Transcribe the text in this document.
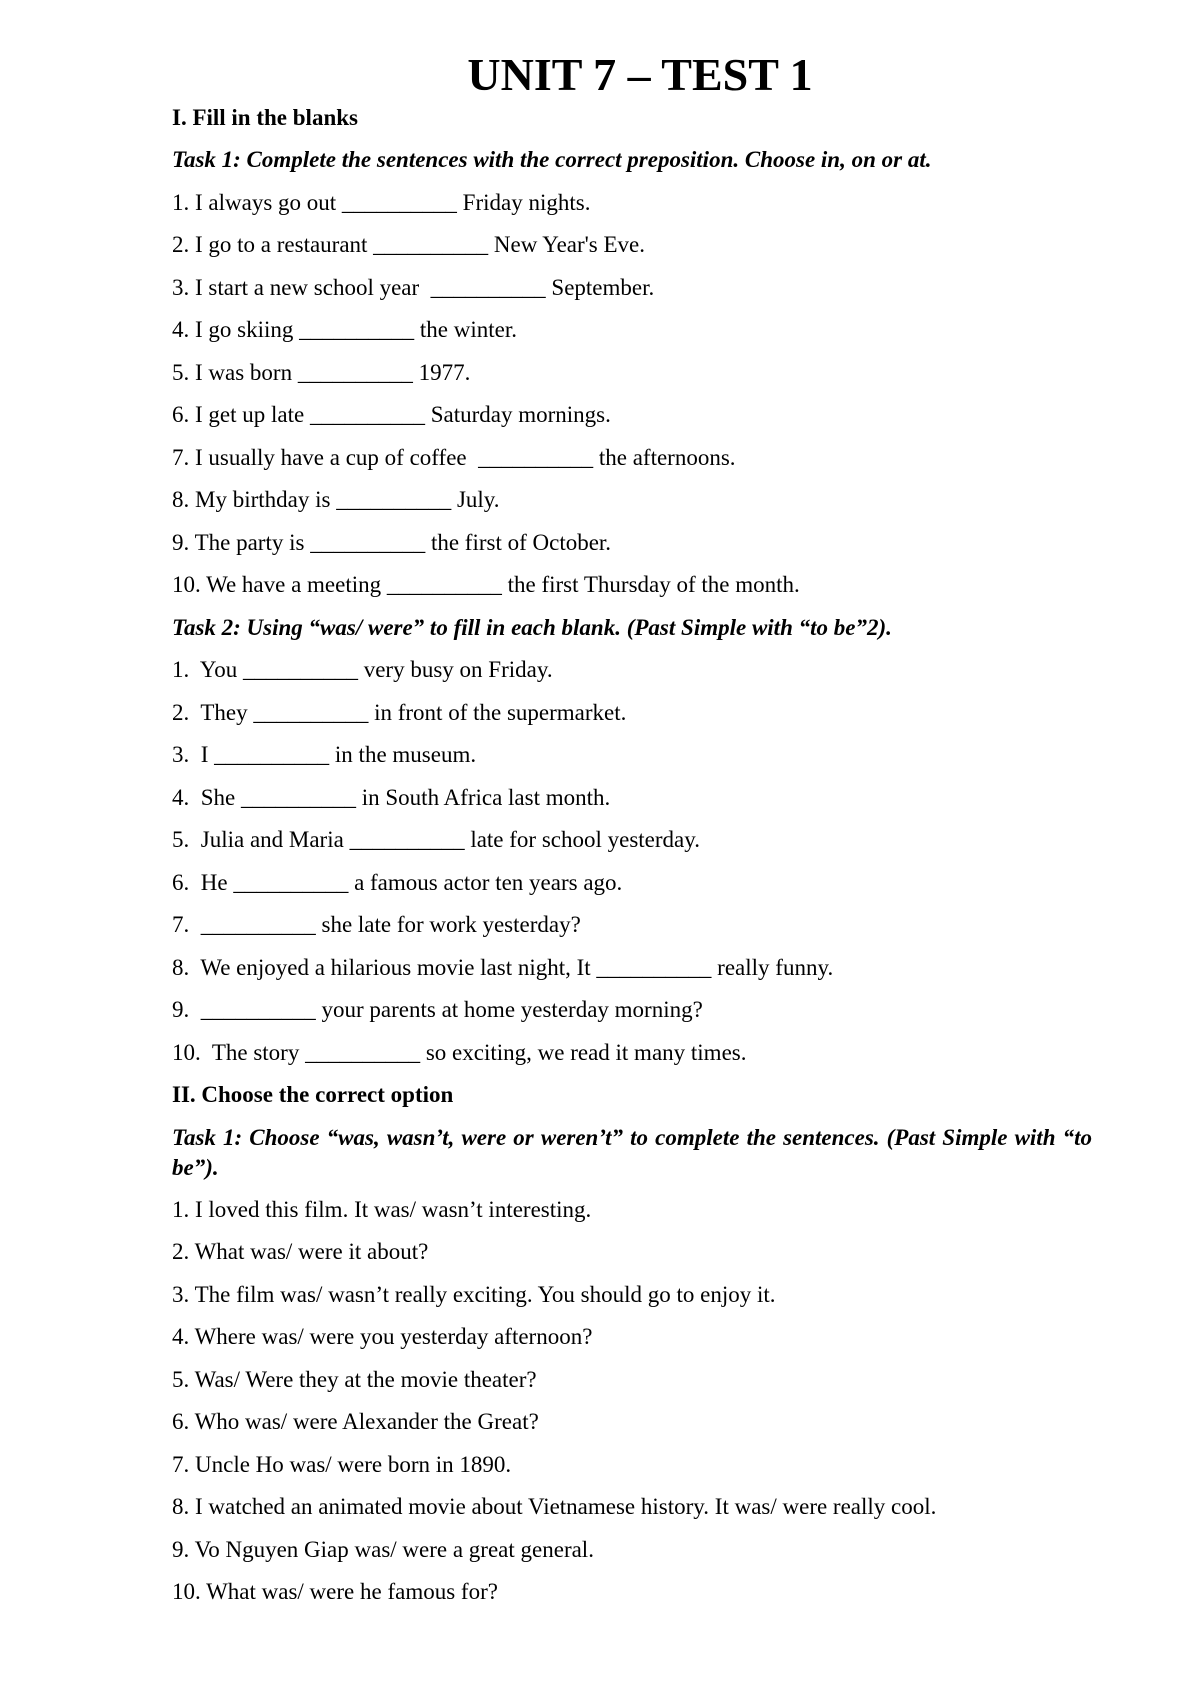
UNIT 7 – TEST 1

I. Fill in the blanks

Task 1: Complete the sentences with the correct preposition. Choose in, on or at.

1. I always go out __________ Friday nights.
2. I go to a restaurant __________ New Year's Eve.
3. I start a new school year  __________ September.
4. I go skiing __________ the winter.
5. I was born __________ 1977.
6. I get up late __________ Saturday mornings.
7. I usually have a cup of coffee  __________ the afternoons.
8. My birthday is __________ July.
9. The party is __________ the first of October.
10. We have a meeting __________ the first Thursday of the month.

Task 2: Using “was/ were” to fill in each blank. (Past Simple with “to be”2).

1.  You __________ very busy on Friday.
2.  They __________ in front of the supermarket.
3.  I __________ in the museum.
4.  She __________ in South Africa last month.
5.  Julia and Maria __________ late for school yesterday.
6.  He __________ a famous actor ten years ago.
7.  __________ she late for work yesterday?
8.  We enjoyed a hilarious movie last night, It __________ really funny.
9.  __________ your parents at home yesterday morning?
10.  The story __________ so exciting, we read it many times.

II. Choose the correct option

Task 1: Choose “was, wasn’t, were or weren’t” to complete the sentences. (Past Simple with “to be”).

1. I loved this film. It was/ wasn’t interesting.
2. What was/ were it about?
3. The film was/ wasn’t really exciting. You should go to enjoy it.
4. Where was/ were you yesterday afternoon?
5. Was/ Were they at the movie theater?
6. Who was/ were Alexander the Great?
7. Uncle Ho was/ were born in 1890.
8. I watched an animated movie about Vietnamese history. It was/ were really cool.
9. Vo Nguyen Giap was/ were a great general.
10. What was/ were he famous for?
